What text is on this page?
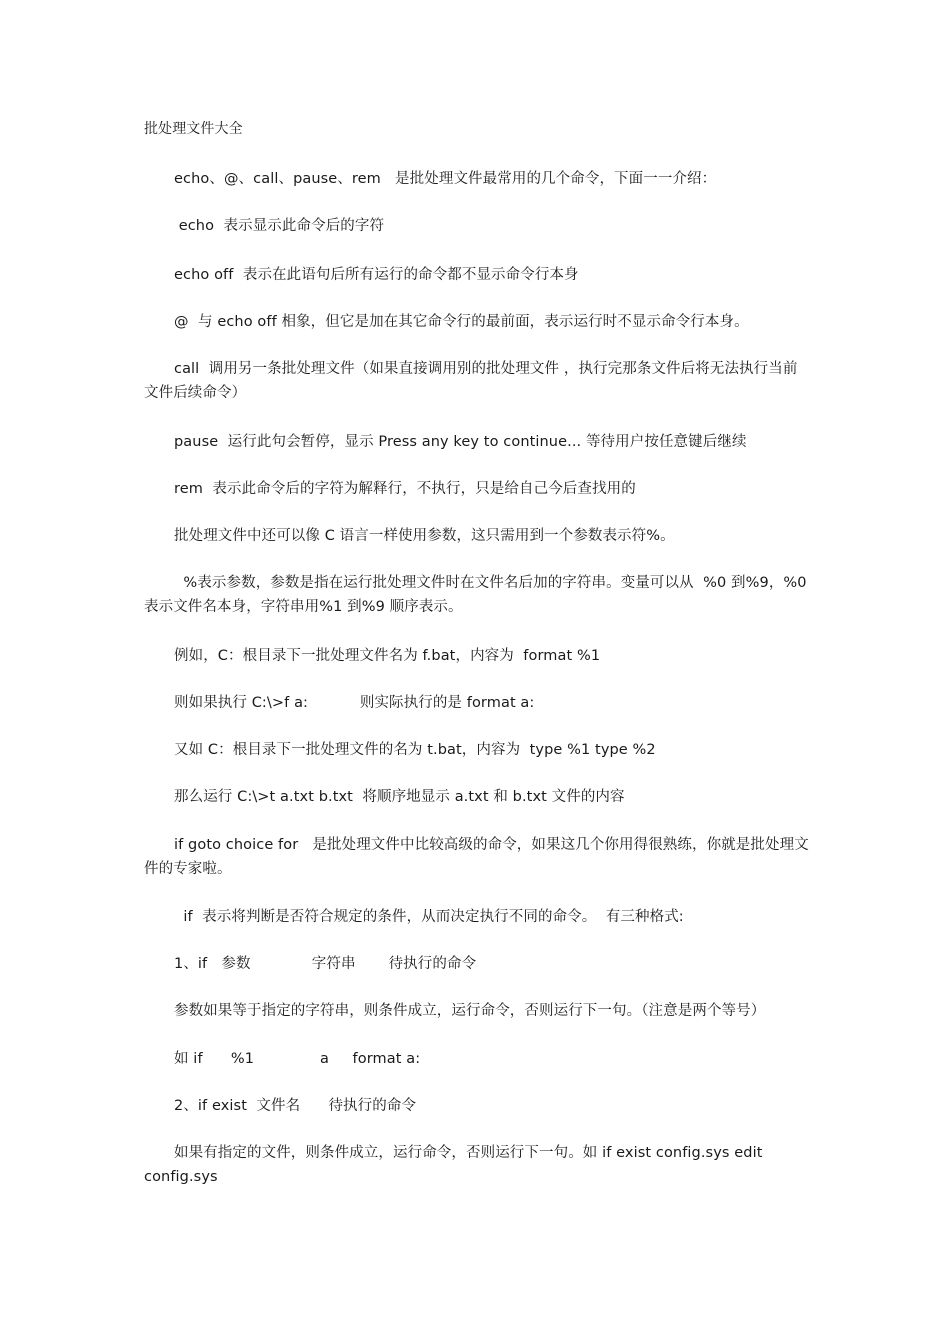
批处理文件大全

echo、@、call、pause、rem   是批处理文件最常用的几个命令，下面一一介绍：

echo  表示显示此命令后的字符

echo off  表示在此语句后所有运行的命令都不显示命令行本身

@  与 echo off 相象，但它是加在其它命令行的最前面，表示运行时不显示命令行本身。

call  调用另一条批处理文件（如果直接调用别的批处理文件 ，执行完那条文件后将无法执行当前文件后续命令）

pause  运行此句会暂停，显示 Press any key to continue... 等待用户按任意键后继续

rem  表示此命令后的字符为解释行，不执行，只是给自己今后查找用的

批处理文件中还可以像 C 语言一样使用参数，这只需用到一个参数表示符%。

%表示参数，参数是指在运行批处理文件时在文件名后加的字符串。变量可以从  %0 到%9，%0 表示文件名本身，字符串用%1 到%9 顺序表示。

例如，C：根目录下一批处理文件名为 f.bat，内容为  format %1

则如果执行 C:\>f a:           则实际执行的是 format a:

又如 C：根目录下一批处理文件的名为 t.bat，内容为  type %1 type %2

那么运行 C:\>t a.txt b.txt  将顺序地显示 a.txt 和 b.txt 文件的内容

if goto choice for   是批处理文件中比较高级的命令，如果这几个你用得很熟练，你就是批处理文件的专家啦。

if  表示将判断是否符合规定的条件，从而决定执行不同的命令。  有三种格式:

1、if   参数             字符串       待执行的命令

参数如果等于指定的字符串，则条件成立，运行命令，否则运行下一句。（注意是两个等号）

如 if      %1              a     format a:

2、if exist  文件名      待执行的命令

如果有指定的文件，则条件成立，运行命令，否则运行下一句。如 if exist config.sys edit config.sys
